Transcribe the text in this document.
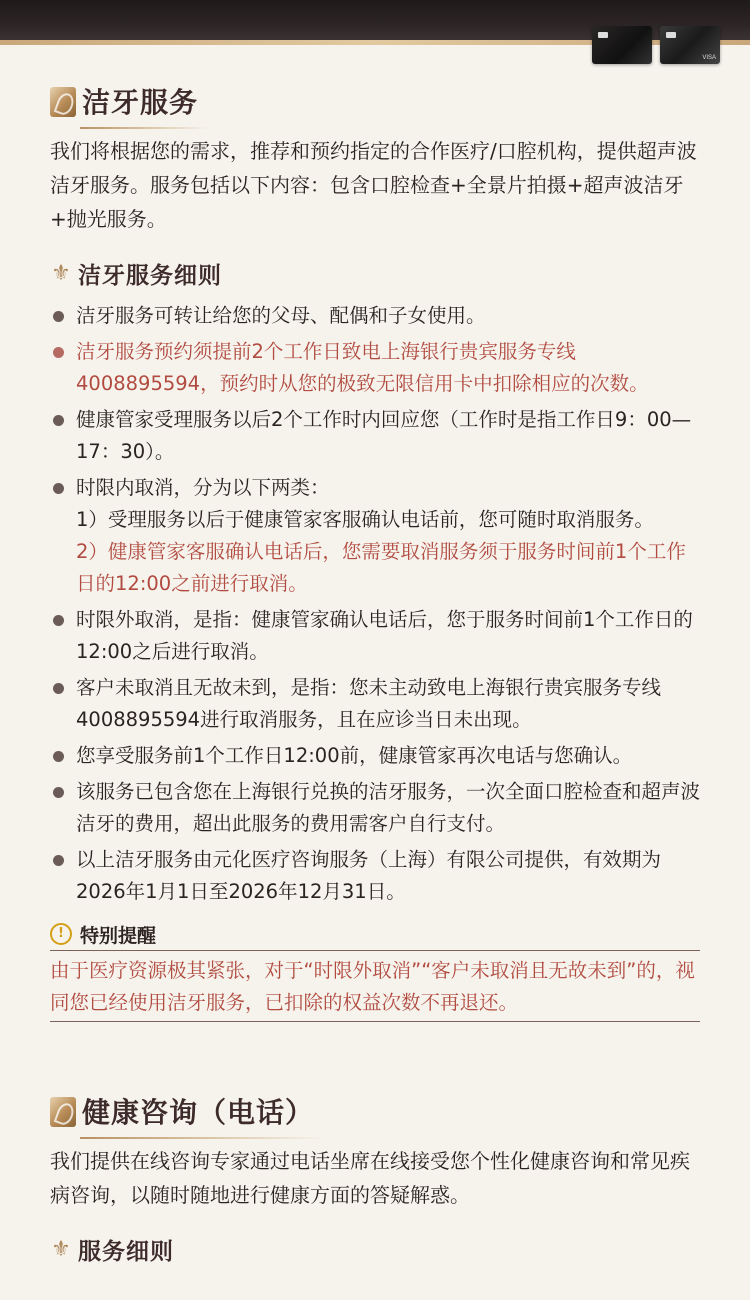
VISA
洁牙服务

我们将根据您的需求，推荐和预约指定的合作医疗/口腔机构，提供超声波洁牙服务。服务包括以下内容：包含口腔检查+全景片拍摄+超声波洁牙+抛光服务。

⚜ 洁牙服务细则
洁牙服务可转让给您的父母、配偶和子女使用。
洁牙服务预约须提前2个工作日致电上海银行贵宾服务专线4008895594，预约时从您的极致无限信用卡中扣除相应的次数。
健康管家受理服务以后2个工作时内回应您（工作时是指工作日9：00—17：30）。
时限内取消，分为以下两类：
1）受理服务以后于健康管家客服确认电话前，您可随时取消服务。
2）健康管家客服确认电话后，您需要取消服务须于服务时间前1个工作日的12:00之前进行取消。
时限外取消，是指：健康管家确认电话后，您于服务时间前1个工作日的12:00之后进行取消。
客户未取消且无故未到，是指：您未主动致电上海银行贵宾服务专线4008895594进行取消服务，且在应诊当日未出现。
您享受服务前1个工作日12:00前，健康管家再次电话与您确认。
该服务已包含您在上海银行兑换的洁牙服务，一次全面口腔检查和超声波洁牙的费用，超出此服务的费用需客户自行支付。
以上洁牙服务由元化医疗咨询服务（上海）有限公司提供，有效期为2026年1月1日至2026年12月31日。
! 特别提醒
由于医疗资源极其紧张，对于“时限外取消”“客户未取消且无故未到”的，视同您已经使用洁牙服务，已扣除的权益次数不再退还。
健康咨询（电话）

我们提供在线咨询专家通过电话坐席在线接受您个性化健康咨询和常见疾病咨询，以随时随地进行健康方面的答疑解惑。

⚜ 服务细则
